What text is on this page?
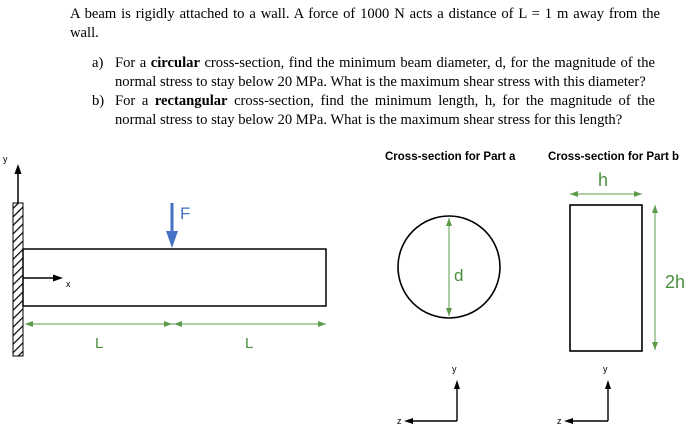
A beam is rigidly attached to a wall. A force of 1000 N acts a distance of L = 1 m away from the wall.

a) For a circular cross-section, find the minimum beam diameter, d, for the magnitude of the normal stress to stay below 20 MPa. What is the maximum shear stress with this diameter?
b) For a rectangular cross-section, find the minimum length, h, for the magnitude of the normal stress to stay below 20 MPa. What is the maximum shear stress for this length?
y
x
F
L	L
Cross-section for Part a
d
y
z
Cross-section for Part b
h
2h
y
z
